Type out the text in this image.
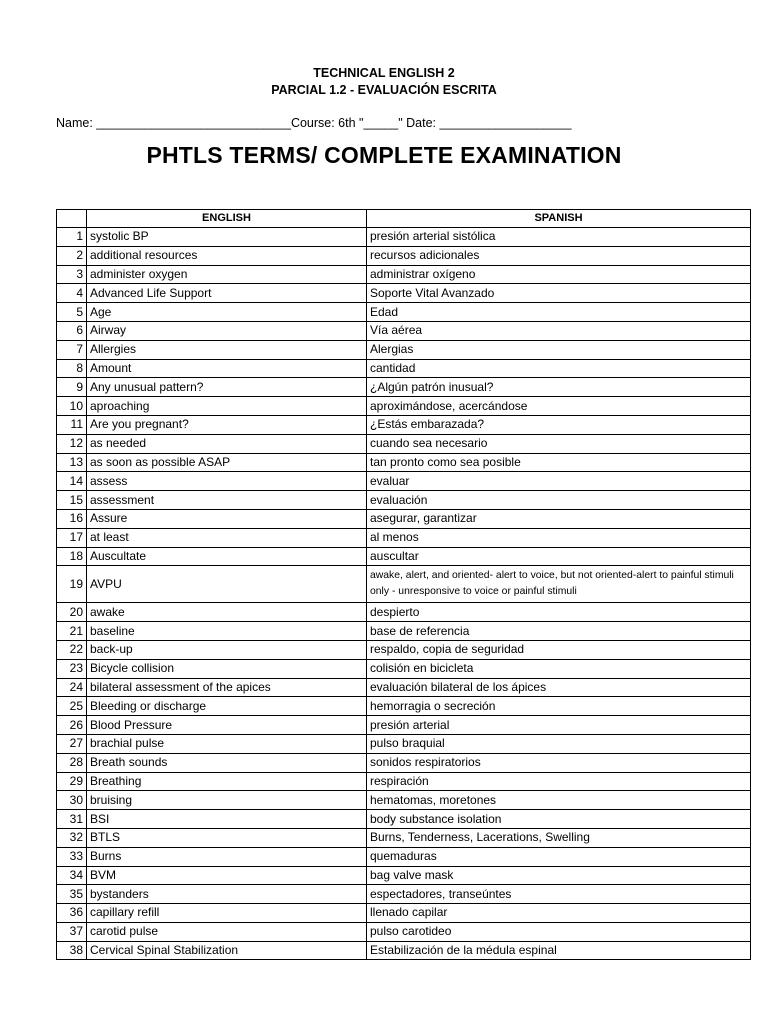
TECHNICAL ENGLISH 2
PARCIAL 1.2 - EVALUACIÓN ESCRITA
Name: ____________________________Course: 6th "_____" Date: ___________________
PHTLS TERMS/ COMPLETE EXAMINATION
	ENGLISH	SPANISH
1	systolic BP	presión arterial sistólica
2	additional resources	recursos adicionales
3	administer oxygen	administrar oxígeno
4	Advanced Life Support	Soporte Vital Avanzado
5	Age	Edad
6	Airway	Vía aérea
7	Allergies	Alergias
8	Amount	cantidad
9	Any unusual pattern?	¿Algún patrón inusual?
10	aproaching	aproximándose, acercándose
11	Are you pregnant?	¿Estás embarazada?
12	as needed	cuando sea necesario
13	as soon as possible ASAP	tan pronto como sea posible
14	assess	evaluar
15	assessment	evaluación
16	Assure	asegurar, garantizar
17	at least	al menos
18	Auscultate	auscultar
19	AVPU	awake, alert, and oriented- alert to voice, but not oriented-alert to painful stimuli only - unresponsive to voice or painful stimuli
20	awake	despierto
21	baseline	base de referencia
22	back-up	respaldo, copia de seguridad
23	Bicycle collision	colisión en bicicleta
24	bilateral assessment of the apices	evaluación bilateral de los ápices
25	Bleeding or discharge	hemorragia o secreción
26	Blood Pressure	presión arterial
27	brachial pulse	pulso braquial
28	Breath sounds	sonidos respiratorios
29	Breathing	respiración
30	bruising	hematomas, moretones
31	BSI	body substance isolation
32	BTLS	Burns, Tenderness, Lacerations, Swelling
33	Burns	quemaduras
34	BVM	bag valve mask
35	bystanders	espectadores, transeúntes
36	capillary refill	llenado capilar
37	carotid pulse	pulso carotideo
38	Cervical Spinal Stabilization	Estabilización de la médula espinal
